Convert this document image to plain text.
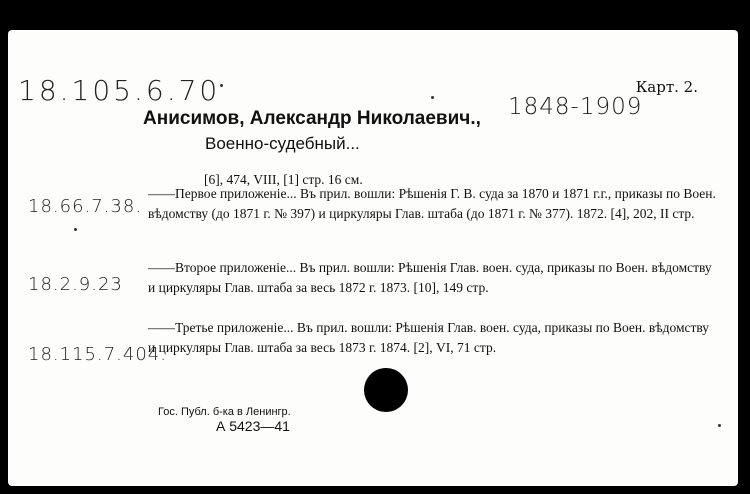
18.105.6.70	Карт. 2.
Анисимов, Александр Николаевич., 1848-1909
Военно-судебный...
[6], 474, VIII, [1] стр. 16 см.
18.66.7.38.
——Первое приложеніе... Въ прил. вошли: Рѣшенія Г. В. суда за 1870 и 1871 г.г., приказы по Воен. вѣдомству (до 1871 г. № 397) и циркуляры Глав. штаба (до 1871 г. № 377). 1872. [4], 202, II стр.
18.2.9.23
——Второе приложеніе... Въ прил. вошли: Рѣшенія Глав. воен. суда, приказы по Воен. вѣдомству и циркуляры Глав. штаба за весь 1872 г. 1873. [10], 149 стр.
18.115.7.404.
——Третье приложеніе... Въ прил. вошли: Рѣшенія Глав. воен. суда, приказы по Воен. вѣдомству и циркуляры Глав. штаба за весь 1873 г. 1874. [2], VI, 71 стр.
Гос. Публ. б-ка в Ленингр.
А 5423—41
